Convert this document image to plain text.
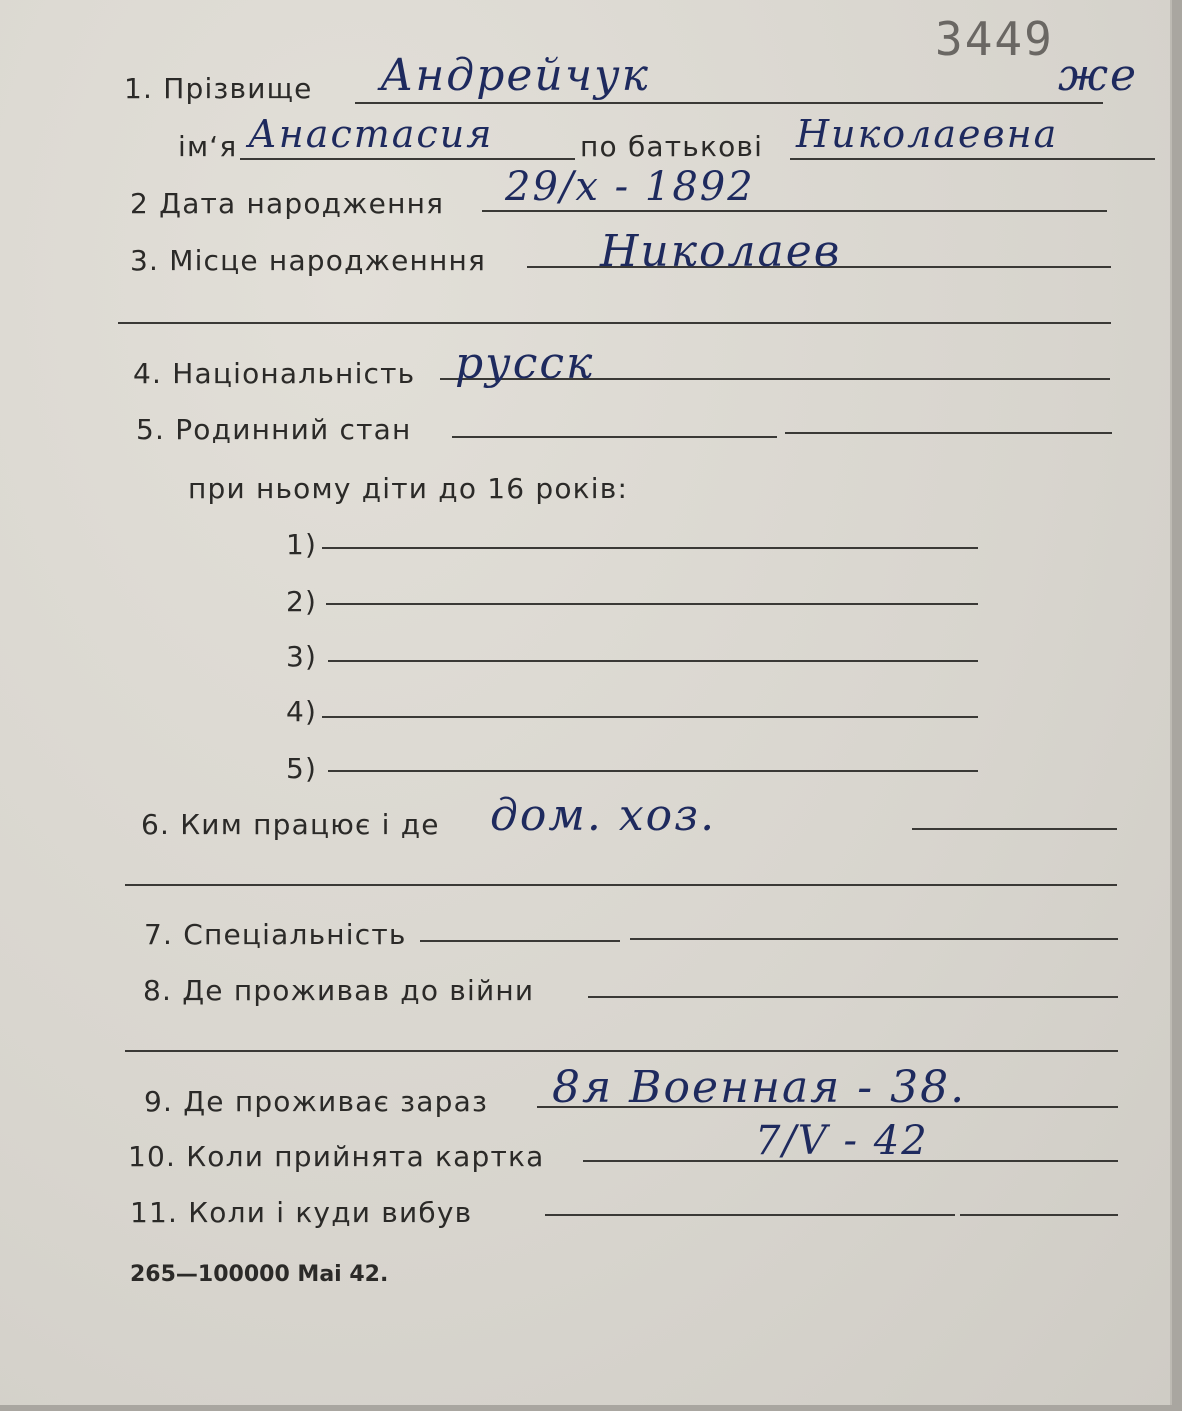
3449
1. Прізвище Андрейчук	же
ім‘я Анастасия	по батькові Николаевна
2 Дата народження 29/х - 1892
3. Місце народженння	Николаев
4. Національність русск
5. Родинний стан
при ньому діти до 16 років:
1)
2)
3)
4)
5)
6. Ким працює і де дом. хоз.
7. Спеціальність
8. Де проживав до війни
9. Де проживає зараз 8я Военная - 38.
10. Коли прийнята картка	7/V - 42
11. Коли і куди вибув
265—100000 Mai 42.
